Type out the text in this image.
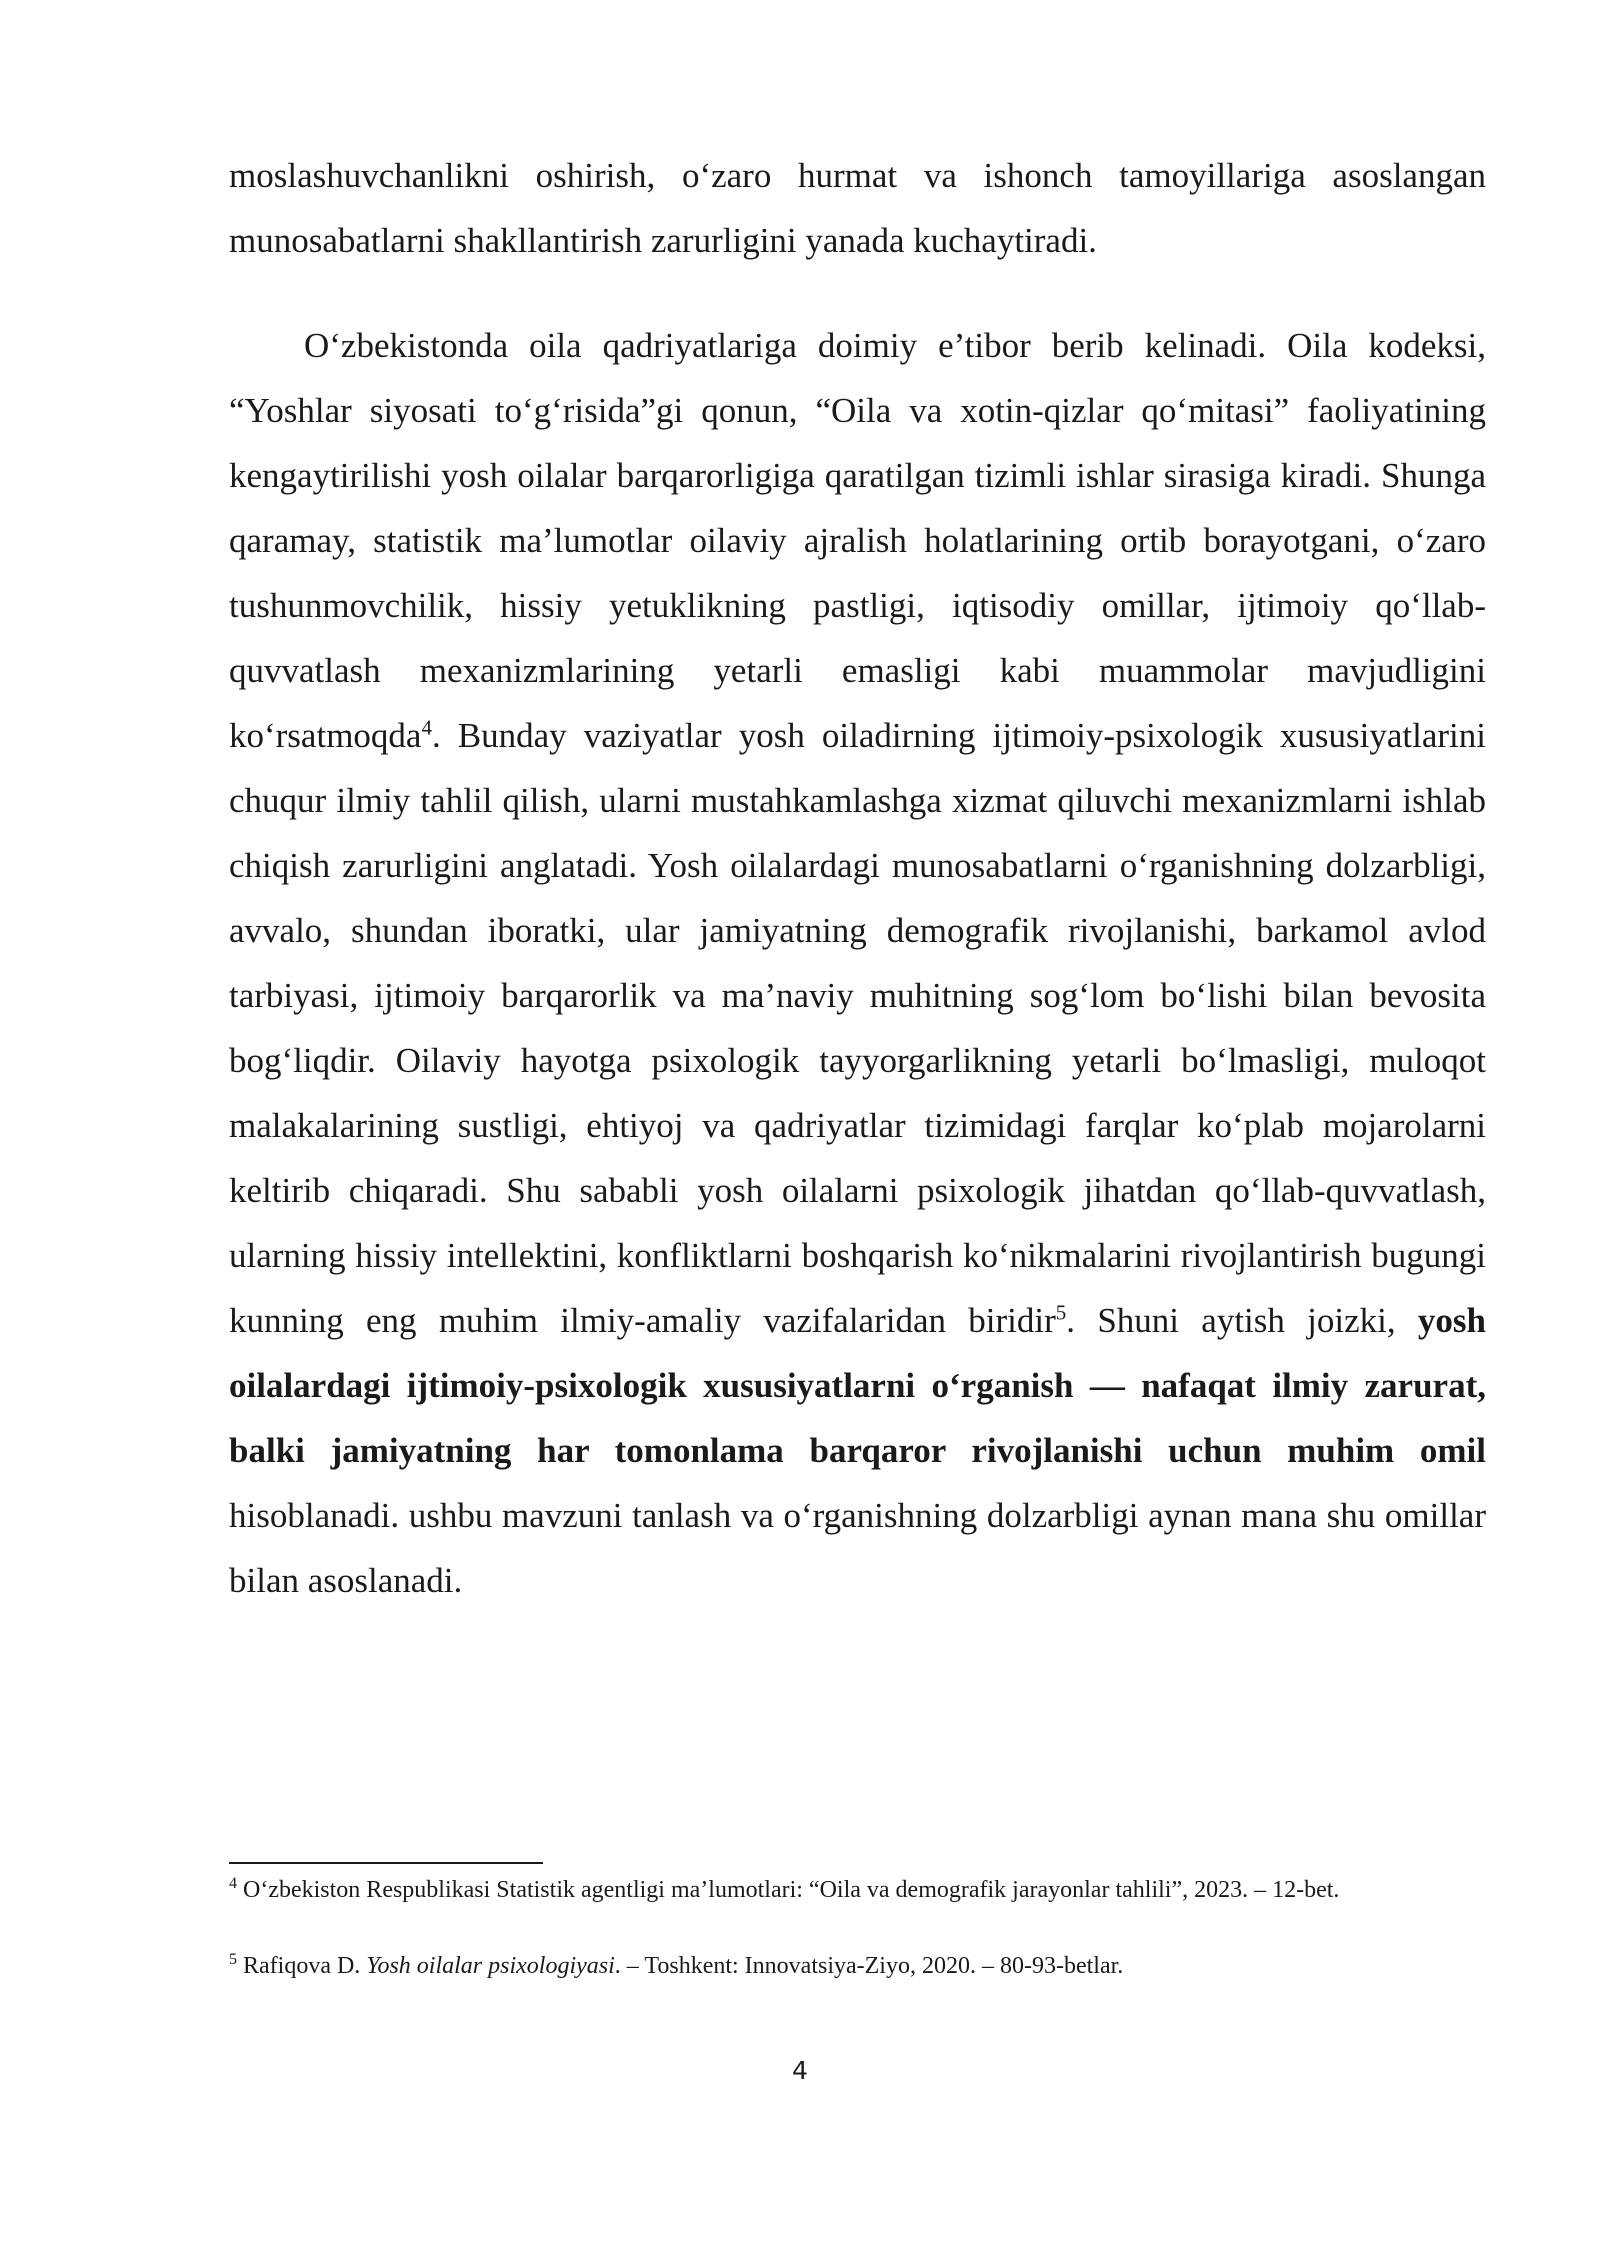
moslashuvchanlikni oshirish, o‘zaro hurmat va ishonch tamoyillariga asoslangan munosabatlarni shakllantirish zarurligini yanada kuchaytiradi.

O‘zbekistonda oila qadriyatlariga doimiy e’tibor berib kelinadi. Oila kodeksi, “Yoshlar siyosati to‘g‘risida”gi qonun, “Oila va xotin-qizlar qo‘mitasi” faoliyatining kengaytirilishi yosh oilalar barqarorligiga qaratilgan tizimli ishlar sirasiga kiradi. Shunga qaramay, statistik ma’lumotlar oilaviy ajralish holatlarining ortib borayotgani, o‘zaro tushunmovchilik, hissiy yetuklikning pastligi, iqtisodiy omillar, ijtimoiy qo‘llab-quvvatlash mexanizmlarining yetarli emasligi kabi muammolar mavjudligini ko‘rsatmoqda$^4$. Bunday vaziyatlar yosh oiladirning ijtimoiy-psixologik xususiyatlarini chuqur ilmiy tahlil qilish, ularni mustahkamlashga xizmat qiluvchi mexanizmlarni ishlab chiqish zarurligini anglatadi. Yosh oilalardagi munosabatlarni o‘rganishning dolzarbligi, avvalo, shundan iboratki, ular jamiyatning demografik rivojlanishi, barkamol avlod tarbiyasi, ijtimoiy barqarorlik va ma’naviy muhitning sog‘lom bo‘lishi bilan bevosita bog‘liqdir. Oilaviy hayotga psixologik tayyorgarlikning yetarli bo‘lmasligi, muloqot malakalarining sustligi, ehtiyoj va qadriyatlar tizimidagi farqlar ko‘plab mojarolarni keltirib chiqaradi. Shu sababli yosh oilalarni psixologik jihatdan qo‘llab-quvvatlash, ularning hissiy intellektini, konfliktlarni boshqarish ko‘nikmalarini rivojlantirish bugungi kunning eng muhim ilmiy-amaliy vazifalaridan biridir$^5$. Shuni aytish joizki, yosh oilalardagi ijtimoiy-psixologik xususiyatlarni o‘rganish — nafaqat ilmiy zarurat, balki jamiyatning har tomonlama barqaror rivojlanishi uchun muhim omil hisoblanadi. ushbu mavzuni tanlash va o‘rganishning dolzarbligi aynan mana shu omillar bilan asoslanadi.

$^4$ O‘zbekiston Respublikasi Statistik agentligi ma’lumotlari: “Oila va demografik jarayonlar tahlili”, 2023. – 12-bet.

$^5$ Rafiqova D. Yosh oilalar psixologiyasi. – Toshkent: Innovatsiya-Ziyo, 2020. – 80-93-betlar.

4
